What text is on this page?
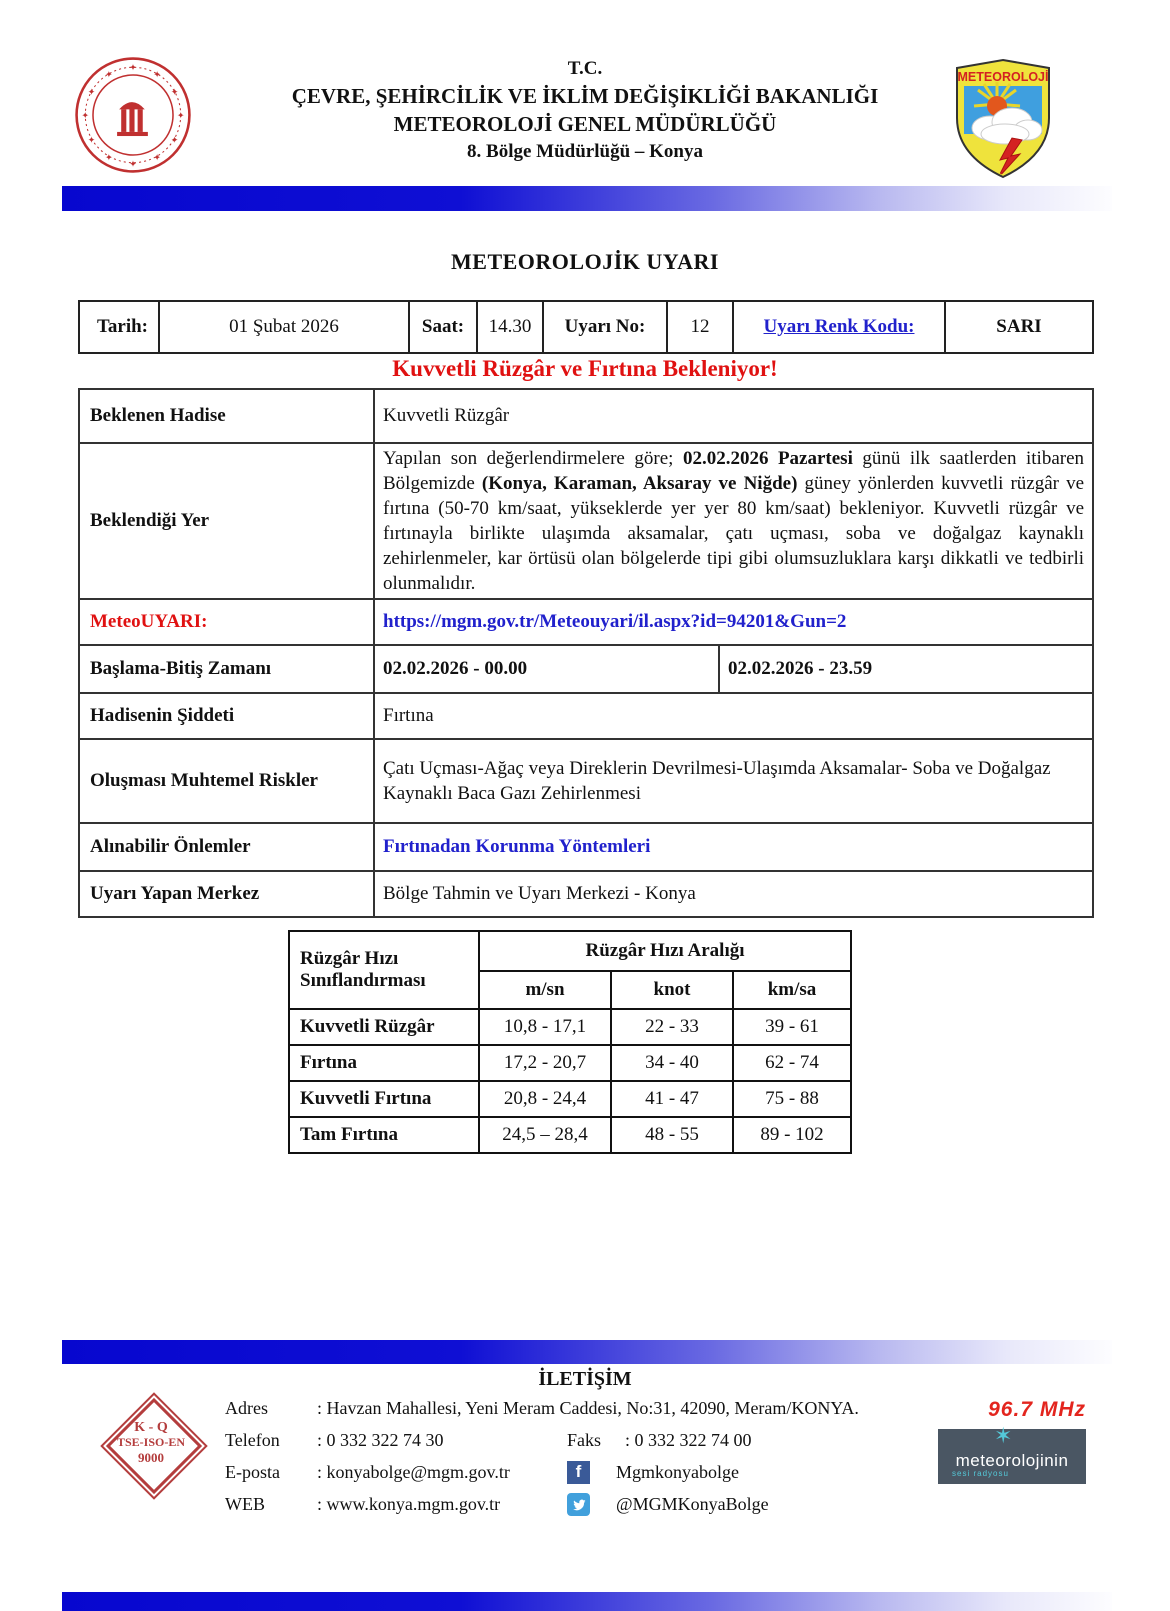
✦
✦
✦
✦
✦
✦
✦
✦
✦
✦
✦
✦
T.C.
ÇEVRE, ŞEHİRCİLİK VE İKLİM DEĞİŞİKLİĞİ BAKANLIĞI
METEOROLOJİ GENEL MÜDÜRLÜĞÜ
8. Bölge Müdürlüğü – Konya
METEOROLOJİ
METEOROLOJİK UYARI
Tarih:	01 Şubat 2026	Saat:	14.30	Uyarı No:	12	Uyarı Renk Kodu:	SARI
Kuvvetli Rüzgâr ve Fırtına Bekleniyor!
Beklenen Hadise	Kuvvetli Rüzgâr	
Beklendiği Yer	Yapılan son değerlendirmelere göre; 02.02.2026 Pazartesi günü ilk saatlerden itibaren Bölgemizde (Konya, Karaman, Aksaray ve Niğde) güney yönlerden kuvvetli rüzgâr ve fırtına (50-70 km/saat, yükseklerde yer yer 80 km/saat) bekleniyor. Kuvvetli rüzgâr ve fırtınayla birlikte ulaşımda aksamalar, çatı uçması, soba ve doğalgaz kaynaklı zehirlenmeler, kar örtüsü olan bölgelerde tipi gibi olumsuzluklara karşı dikkatli ve tedbirli olunmalıdır.	
MeteoUYARI:	https://mgm.gov.tr/Meteouyari/il.aspx?id=94201&Gun=2	
Başlama-Bitiş Zamanı	02.02.2026 - 00.00	02.02.2026 - 23.59
Hadisenin Şiddeti	Fırtına	
Oluşması Muhtemel Riskler	Çatı Uçması-Ağaç veya Direklerin Devrilmesi-Ulaşımda Aksamalar- Soba ve Doğalgaz Kaynaklı Baca Gazı Zehirlenmesi	
Alınabilir Önlemler	Fırtınadan Korunma Yöntemleri	
Uyarı Yapan Merkez	Bölge Tahmin ve Uyarı Merkezi - Konya	
Rüzgâr Hızı
Sınıflandırması	Rüzgâr Hızı Aralığı		
	m/sn	knot	km/sa
Kuvvetli Rüzgâr	10,8 - 17,1	22 - 33	39 - 61
Fırtına	17,2 - 20,7	34 - 40	62 - 74
Kuvvetli Fırtına	20,8 - 24,4	41 - 47	75 - 88
Tam Fırtına	24,5 – 28,4	48 - 55	89 - 102
İLETİŞİM
Adres	: Havzan Mahallesi, Yeni Meram Caddesi, No:31, 42090, Meram/KONYA.
Telefon	: 0 332 322 74 30	Faks	: 0 332 322 74 00
E-posta	: konyabolge@mgm.gov.tr	f	Mgmkonyabolge
WEB	: www.konya.mgm.gov.tr	@MGMKonyaBolge
K - Q
TSE-ISO-EN
9000
96.7 MHz
✶
meteorolojinin
sesi radyosu
